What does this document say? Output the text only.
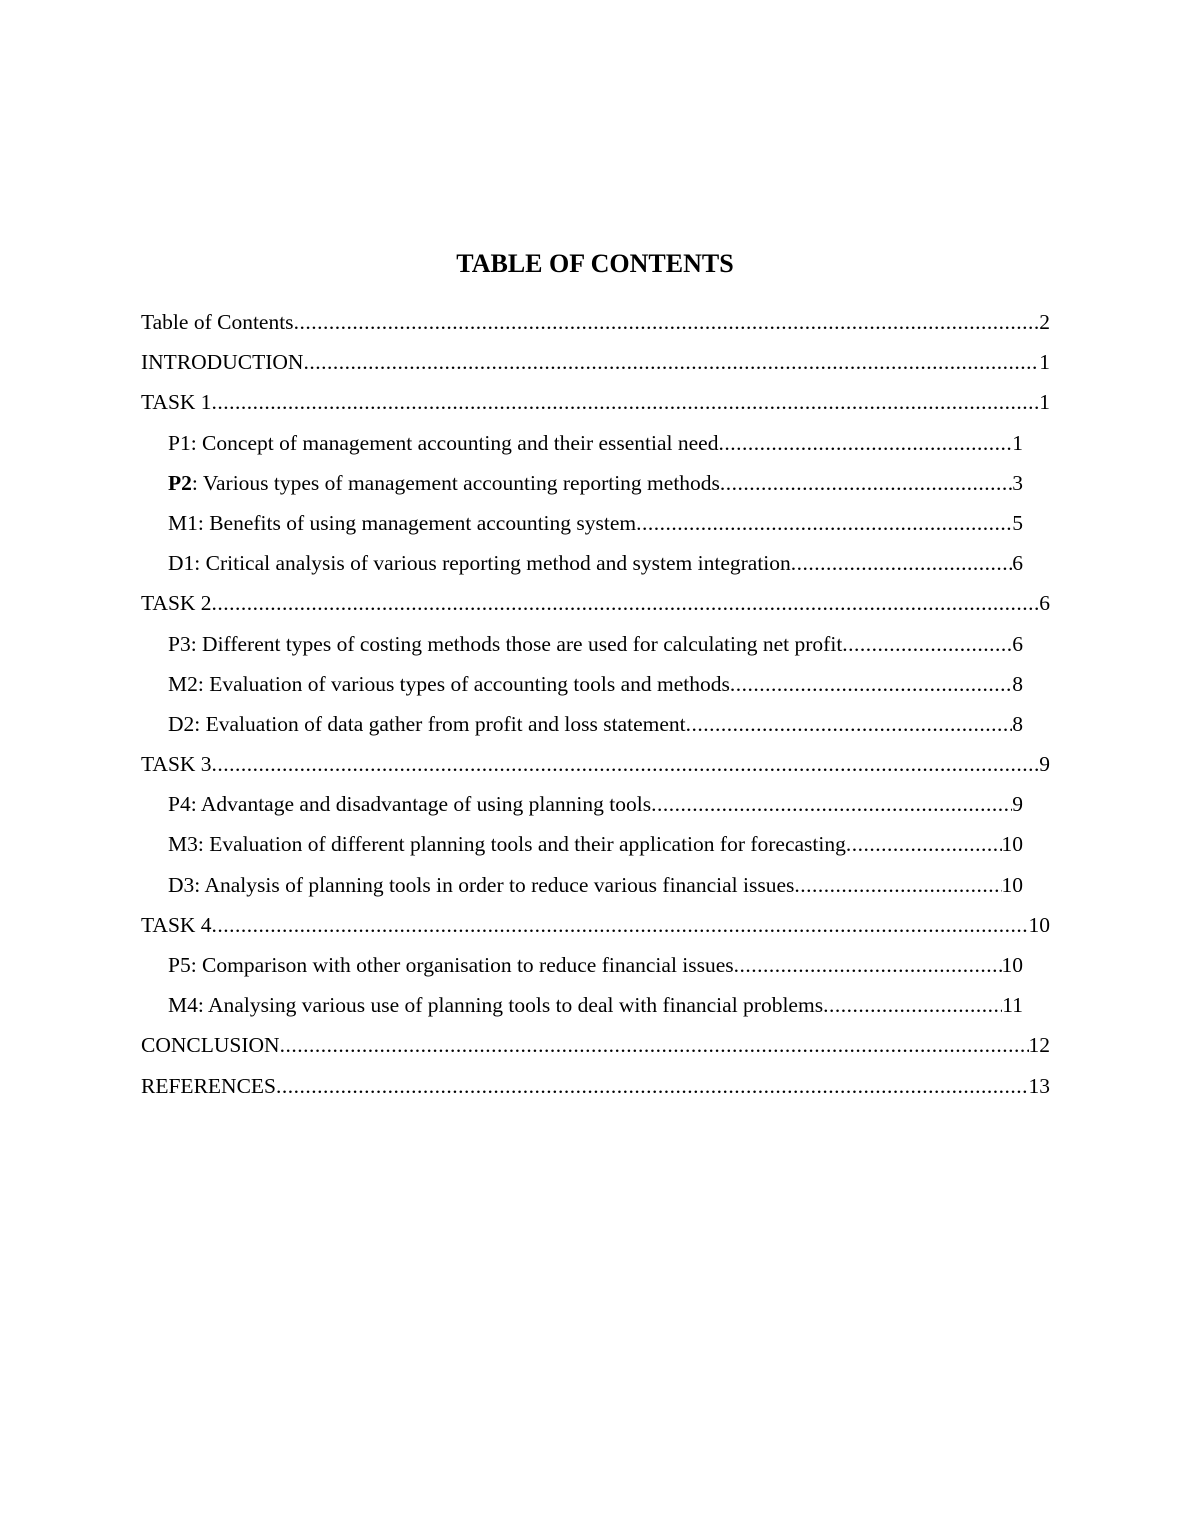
TABLE OF CONTENTS
Table of Contents .....	2
INTRODUCTION .....	1
TASK 1 .....	1
P1: Concept of management accounting and their essential need .....	1
P2: Various types of management accounting reporting methods .....	3
M1: Benefits of using management accounting system .....	5
D1: Critical analysis of various reporting method and system integration .....	6
TASK 2 .....	6
P3: Different types of costing methods those are used for calculating net profit .....	6
M2: Evaluation of various types of accounting tools and methods .....	8
D2: Evaluation of data gather from profit and loss statement .....	8
TASK 3 .....	9
P4: Advantage and disadvantage of using planning tools .....	9
M3: Evaluation of different planning tools and their application for forecasting .....	10
D3: Analysis of planning tools in order to reduce various financial issues .....	10
TASK 4 .....	10
P5: Comparison with other organisation to reduce financial issues .....	10
M4: Analysing various use of planning tools to deal with financial problems .....	11
CONCLUSION .....	12
REFERENCES .....	13
